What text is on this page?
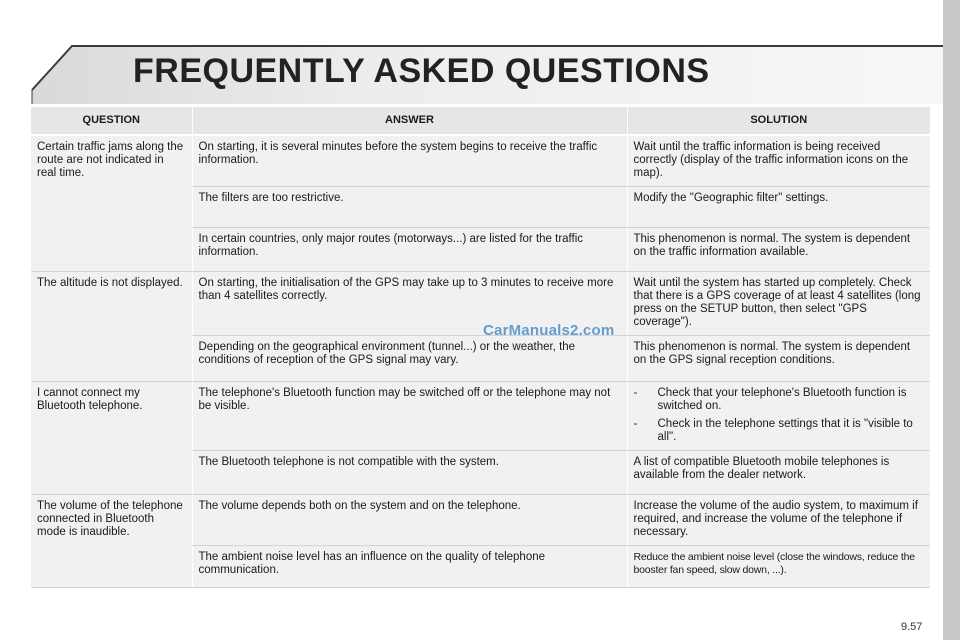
FREQUENTLY ASKED QUESTIONS
QUESTION	ANSWER	SOLUTION
Certain traffic jams along the route are not indicated in real time.	On starting, it is several minutes before the system begins to receive the traffic information.	Wait until the traffic information is being received correctly (display of the traffic information icons on the map).
	The filters are too restrictive.	Modify the "Geographic filter" settings.
	In certain countries, only major routes (motorways...) are listed for the traffic information.	This phenomenon is normal. The system is dependent on the traffic information available.
The altitude is not displayed.	On starting, the initialisation of the GPS may take up to 3 minutes to receive more than 4 satellites correctly.	Wait until the system has started up completely. Check that there is a GPS coverage of at least 4 satellites (long press on the SETUP button, then select "GPS coverage").
	Depending on the geographical environment (tunnel...) or the weather, the conditions of reception of the GPS signal may vary.	This phenomenon is normal. The system is dependent on the GPS signal reception conditions.
I cannot connect my Bluetooth telephone.	The telephone's Bluetooth function may be switched off or the telephone may not be visible.	- Check that your telephone's Bluetooth function is switched on.
- Check in the telephone settings that it is "visible to all".

	The Bluetooth telephone is not compatible with the system.	A list of compatible Bluetooth mobile telephones is available from the dealer network.
The volume of the telephone connected in Bluetooth mode is inaudible.	The volume depends both on the system and on the telephone.	Increase the volume of the audio system, to maximum if required, and increase the volume of the telephone if necessary.
	The ambient noise level has an influence on the quality of telephone communication.	Reduce the ambient noise level (close the windows, reduce the booster fan speed, slow down, ...).
CarManuals2.com
9.57
